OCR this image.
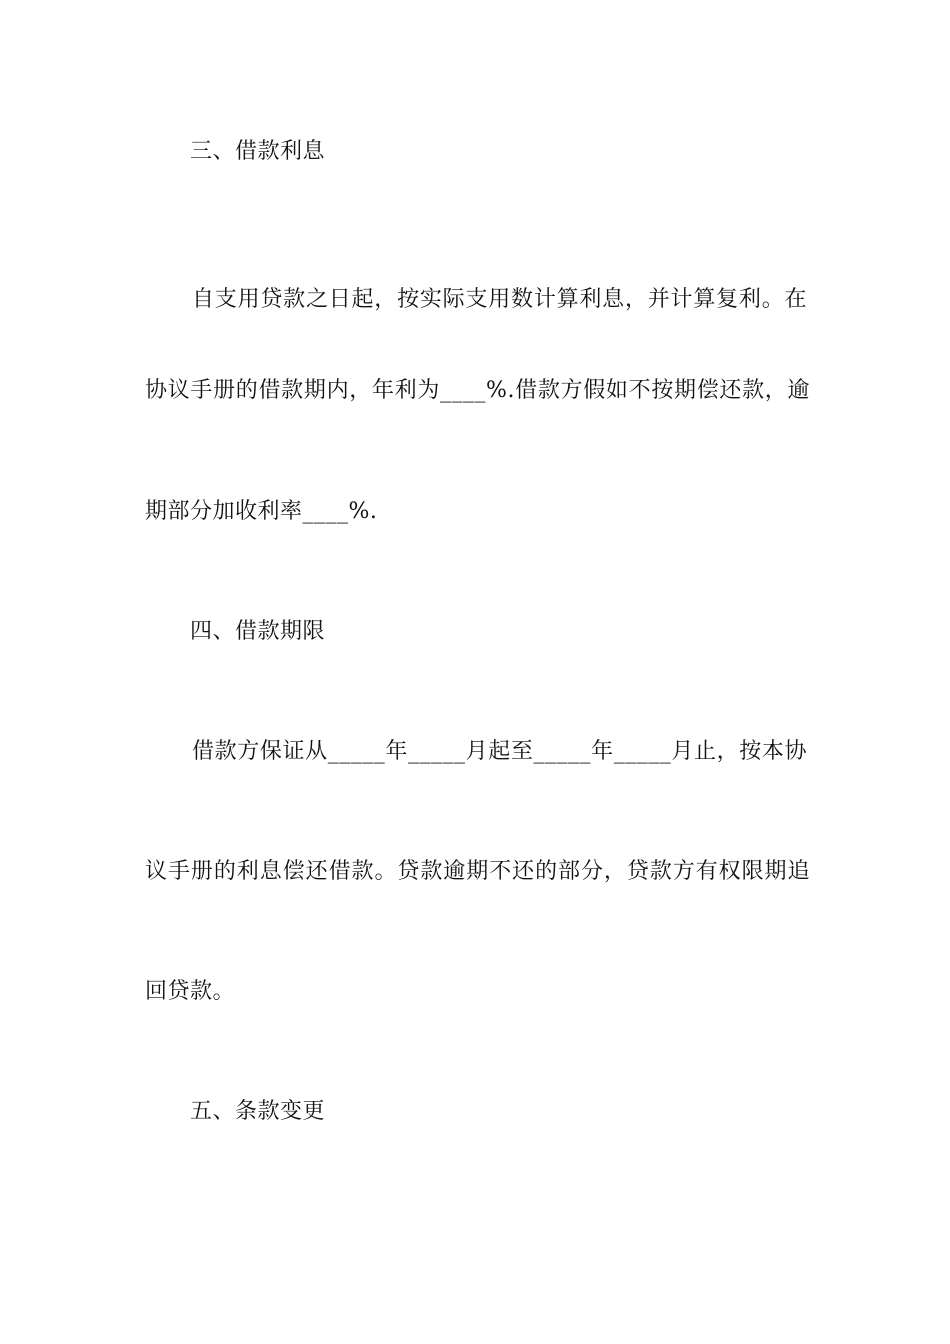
三、借款利息
自支用贷款之日起，按实际支用数计算利息，并计算复利。在
协议手册的借款期内，年利为____%.借款方假如不按期偿还款，逾
期部分加收利率____%.
四、借款期限
借款方保证从_____年_____月起至_____年_____月止，按本协
议手册的利息偿还借款。贷款逾期不还的部分，贷款方有权限期追
回贷款。
五、条款变更
